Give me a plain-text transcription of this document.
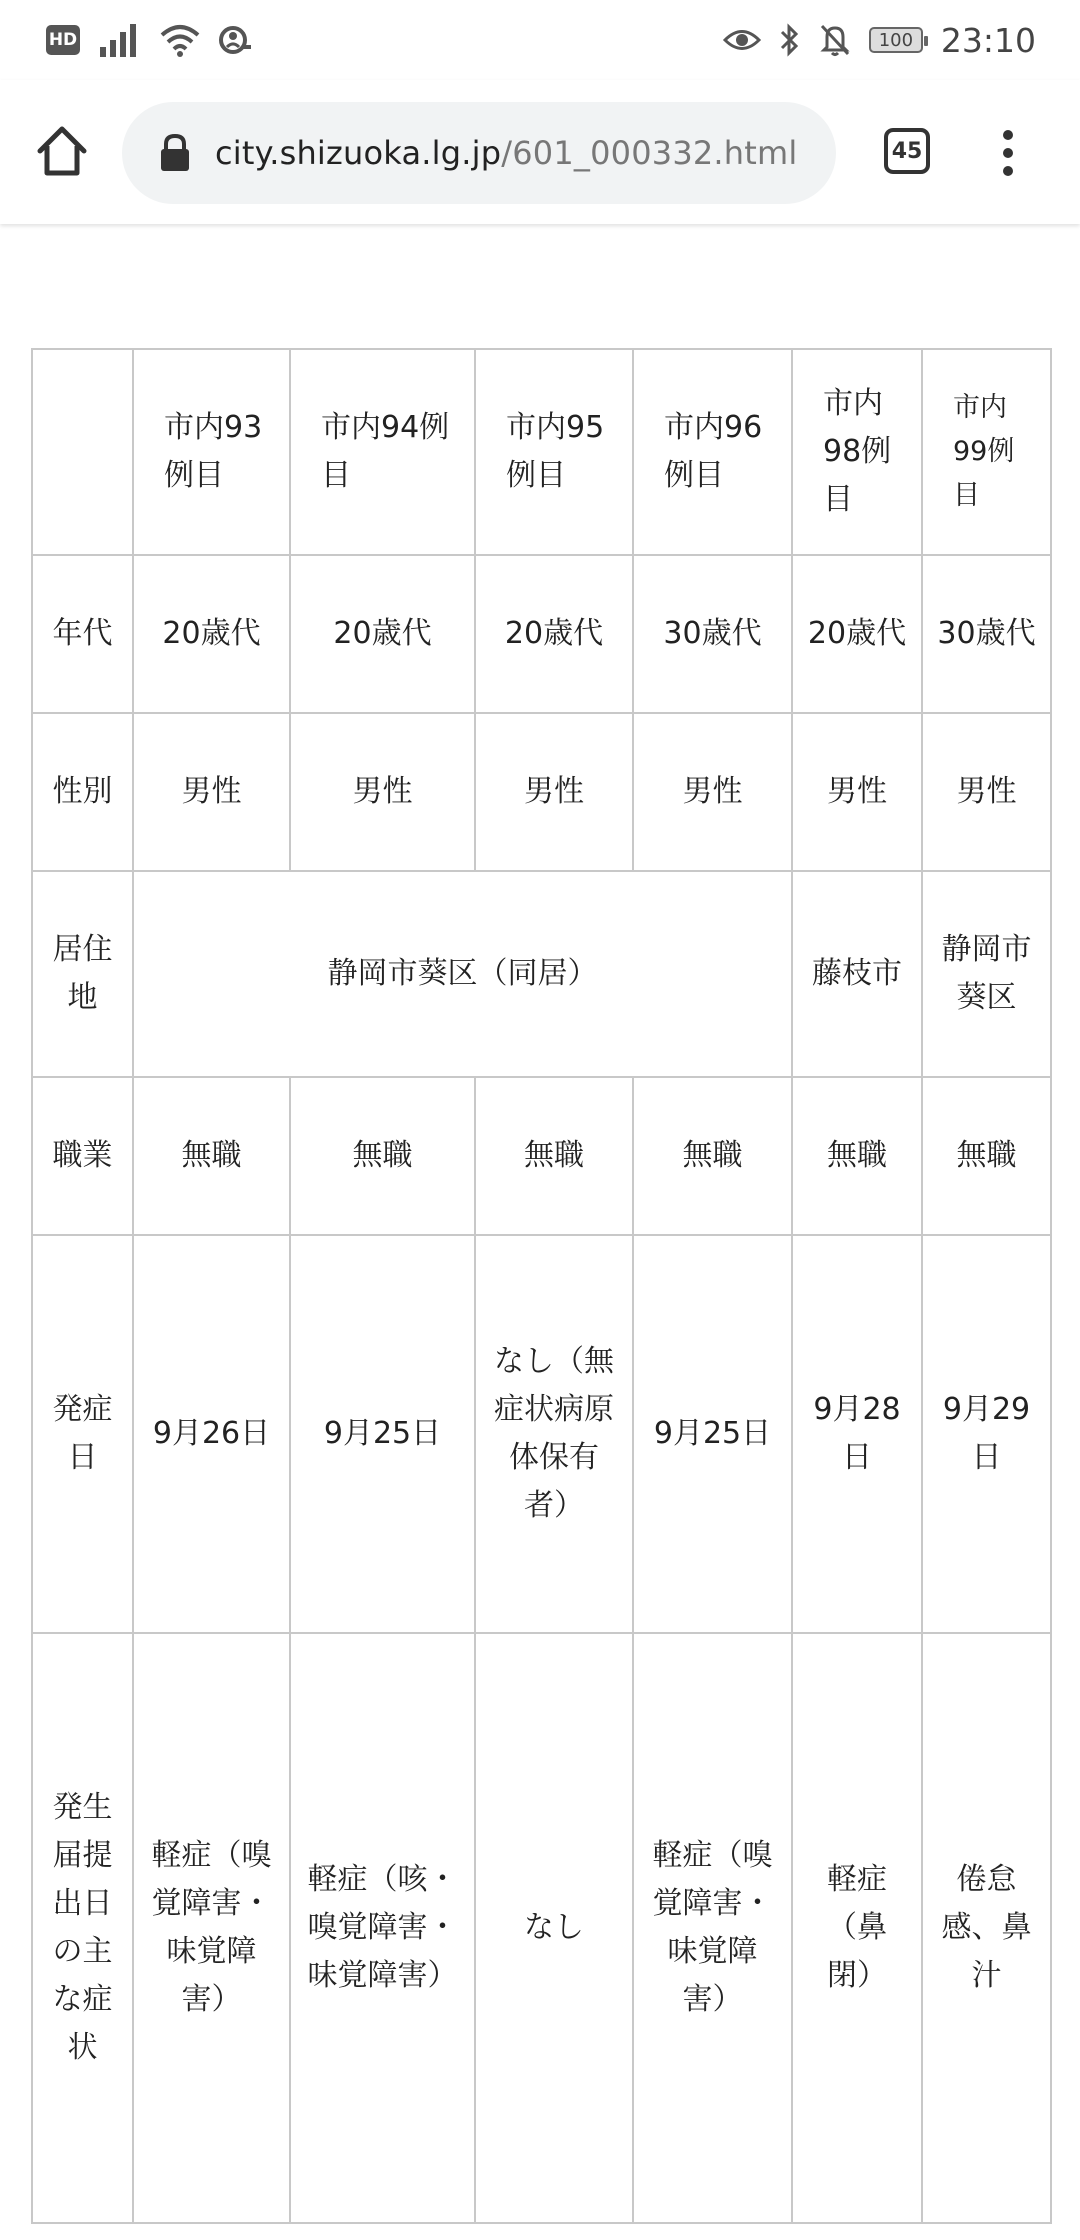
HD	100 23:10
city.shizuoka.lg.jp/601_000332.html	45
	市内93例目	市内94例目	市内95例目	市内96例目	市内98例目	市内99例目
年代	20歳代	20歳代	20歳代	30歳代	20歳代	30歳代
性別	男性	男性	男性	男性	男性	男性
居住地	静岡市葵区（同居）				藤枝市	静岡市葵区
職業	無職	無職	無職	無職	無職	無職
発症日	9月26日	9月25日	なし（無症状病原体保有者）	9月25日	9月28日	9月29日
発生届提出日の主な症状	軽症（嗅覚障害・味覚障害）	軽症（咳・嗅覚障害・味覚障害）	なし	軽症（嗅覚障害・味覚障害）	軽症（鼻閉）	倦怠感、鼻汁
